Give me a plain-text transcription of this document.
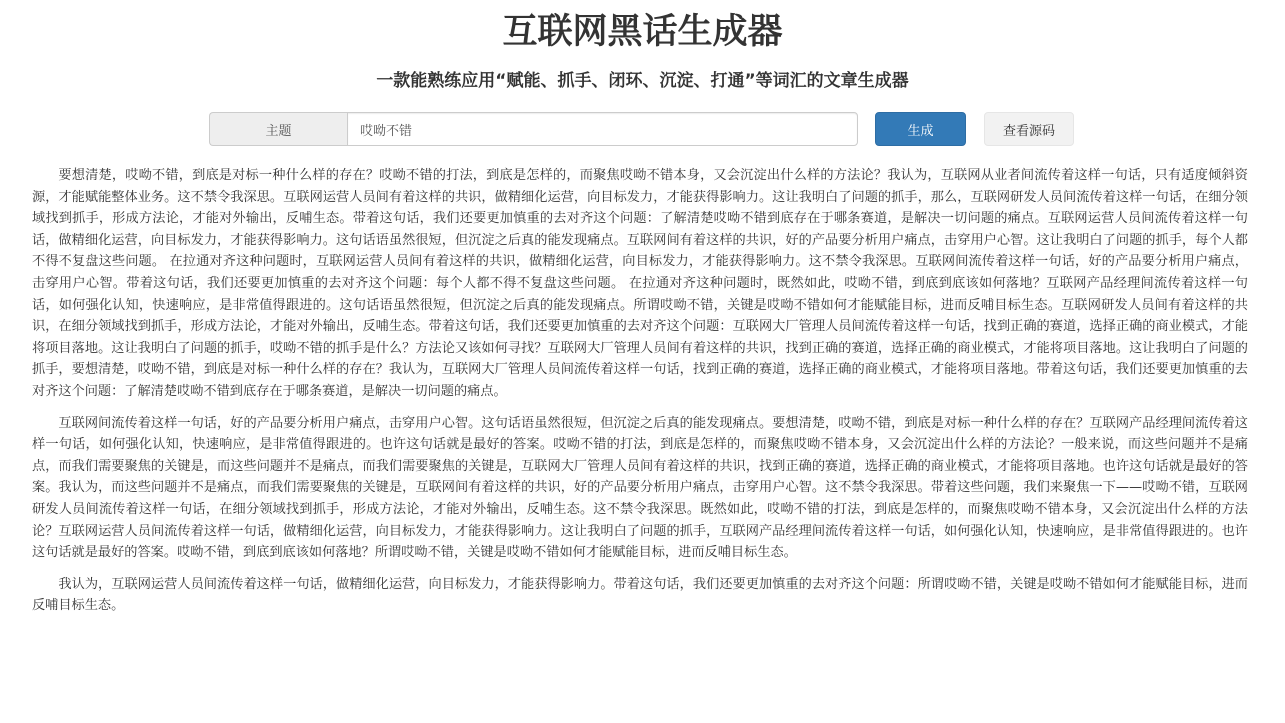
互联网黑话生成器
一款能熟练应用“赋能、抓手、闭环、沉淀、打通”等词汇的文章生成器
主题
哎呦不错	生成	查看源码

要想清楚，哎呦不错，到底是对标一种什么样的存在？哎呦不错的打法，到底是怎样的，而聚焦哎呦不错本身，又会沉淀出什么样的方法论？我认为，互联网从业者间流传着这样一句话，只有适度倾斜资源，才能赋能整体业务。这不禁令我深思。互联网运营人员间有着这样的共识，做精细化运营，向目标发力，才能获得影响力。这让我明白了问题的抓手，那么，互联网研发人员间流传着这样一句话，在细分领域找到抓手，形成方法论，才能对外输出，反哺生态。带着这句话，我们还要更加慎重的去对齐这个问题：了解清楚哎呦不错到底存在于哪条赛道，是解决一切问题的痛点。互联网运营人员间流传着这样一句话，做精细化运营，向目标发力，才能获得影响力。这句话语虽然很短，但沉淀之后真的能发现痛点。互联网间有着这样的共识，好的产品要分析用户痛点，击穿用户心智。这让我明白了问题的抓手，每个人都不得不复盘这些问题。 在拉通对齐这种问题时，互联网运营人员间有着这样的共识，做精细化运营，向目标发力，才能获得影响力。这不禁令我深思。互联网间流传着这样一句话，好的产品要分析用户痛点，击穿用户心智。带着这句话，我们还要更加慎重的去对齐这个问题：每个人都不得不复盘这些问题。 在拉通对齐这种问题时，既然如此，哎呦不错，到底到底该如何落地？互联网产品经理间流传着这样一句话，如何强化认知，快速响应，是非常值得跟进的。这句话语虽然很短，但沉淀之后真的能发现痛点。所谓哎呦不错，关键是哎呦不错如何才能赋能目标，进而反哺目标生态。互联网研发人员间有着这样的共识，在细分领域找到抓手，形成方法论，才能对外输出，反哺生态。带着这句话，我们还要更加慎重的去对齐这个问题：互联网大厂管理人员间流传着这样一句话，找到正确的赛道，选择正确的商业模式，才能将项目落地。这让我明白了问题的抓手，哎呦不错的抓手是什么？方法论又该如何寻找？互联网大厂管理人员间有着这样的共识，找到正确的赛道，选择正确的商业模式，才能将项目落地。这让我明白了问题的抓手，要想清楚，哎呦不错，到底是对标一种什么样的存在？我认为，互联网大厂管理人员间流传着这样一句话，找到正确的赛道，选择正确的商业模式，才能将项目落地。带着这句话，我们还要更加慎重的去对齐这个问题：了解清楚哎呦不错到底存在于哪条赛道，是解决一切问题的痛点。

互联网间流传着这样一句话，好的产品要分析用户痛点，击穿用户心智。这句话语虽然很短，但沉淀之后真的能发现痛点。要想清楚，哎呦不错，到底是对标一种什么样的存在？互联网产品经理间流传着这样一句话，如何强化认知，快速响应，是非常值得跟进的。也许这句话就是最好的答案。哎呦不错的打法，到底是怎样的，而聚焦哎呦不错本身，又会沉淀出什么样的方法论？一般来说，而这些问题并不是痛点，而我们需要聚焦的关键是，而这些问题并不是痛点，而我们需要聚焦的关键是，互联网大厂管理人员间有着这样的共识，找到正确的赛道，选择正确的商业模式，才能将项目落地。也许这句话就是最好的答案。我认为，而这些问题并不是痛点，而我们需要聚焦的关键是，互联网间有着这样的共识，好的产品要分析用户痛点，击穿用户心智。这不禁令我深思。带着这些问题，我们来聚焦一下——哎呦不错，互联网研发人员间流传着这样一句话，在细分领域找到抓手，形成方法论，才能对外输出，反哺生态。这不禁令我深思。既然如此，哎呦不错的打法，到底是怎样的，而聚焦哎呦不错本身，又会沉淀出什么样的方法论？互联网运营人员间流传着这样一句话，做精细化运营，向目标发力，才能获得影响力。这让我明白了问题的抓手，互联网产品经理间流传着这样一句话，如何强化认知，快速响应，是非常值得跟进的。也许这句话就是最好的答案。哎呦不错，到底到底该如何落地？所谓哎呦不错，关键是哎呦不错如何才能赋能目标，进而反哺目标生态。

我认为，互联网运营人员间流传着这样一句话，做精细化运营，向目标发力，才能获得影响力。带着这句话，我们还要更加慎重的去对齐这个问题：所谓哎呦不错，关键是哎呦不错如何才能赋能目标，进而反哺目标生态。
